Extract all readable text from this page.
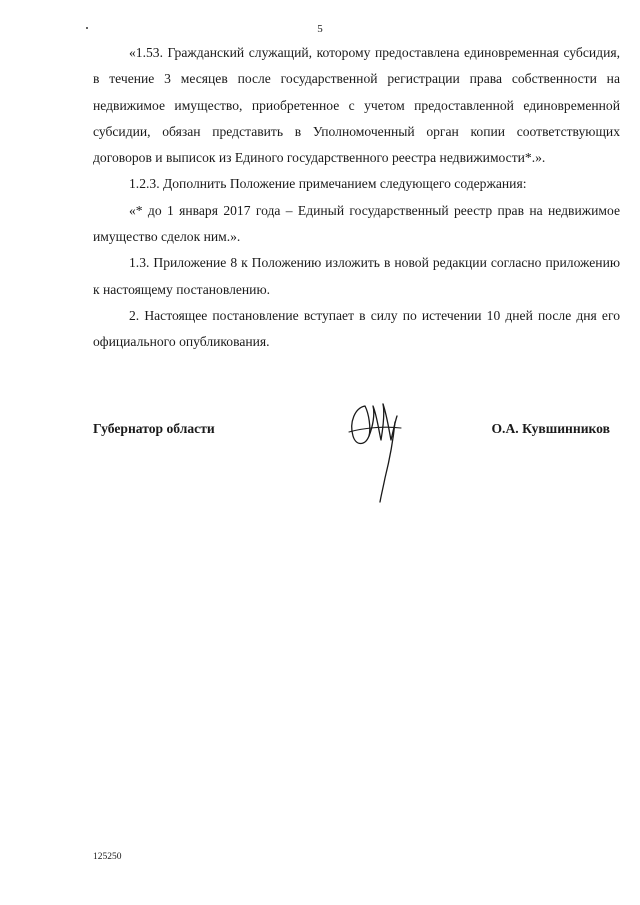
5

«1.53. Гражданский служащий, которому предоставлена единовременная субсидия, в течение 3 месяцев после государственной регистрации права собственности на недвижимое имущество, приобретенное с учетом предоставленной единовременной субсидии, обязан представить в Уполномоченный орган копии соответствующих договоров и выписок из Единого государственного реестра недвижимости*.».

1.2.3. Дополнить Положение примечанием следующего содержания:

«* до 1 января 2017 года – Единый государственный реестр прав на недвижимое имущество сделок ним.».

1.3. Приложение 8 к Положению изложить в новой редакции согласно приложению к настоящему постановлению.

2. Настоящее постановление вступает в силу по истечении 10 дней после дня его официального опубликования.

Губернатор области	О.А. Кувшинников
125250
